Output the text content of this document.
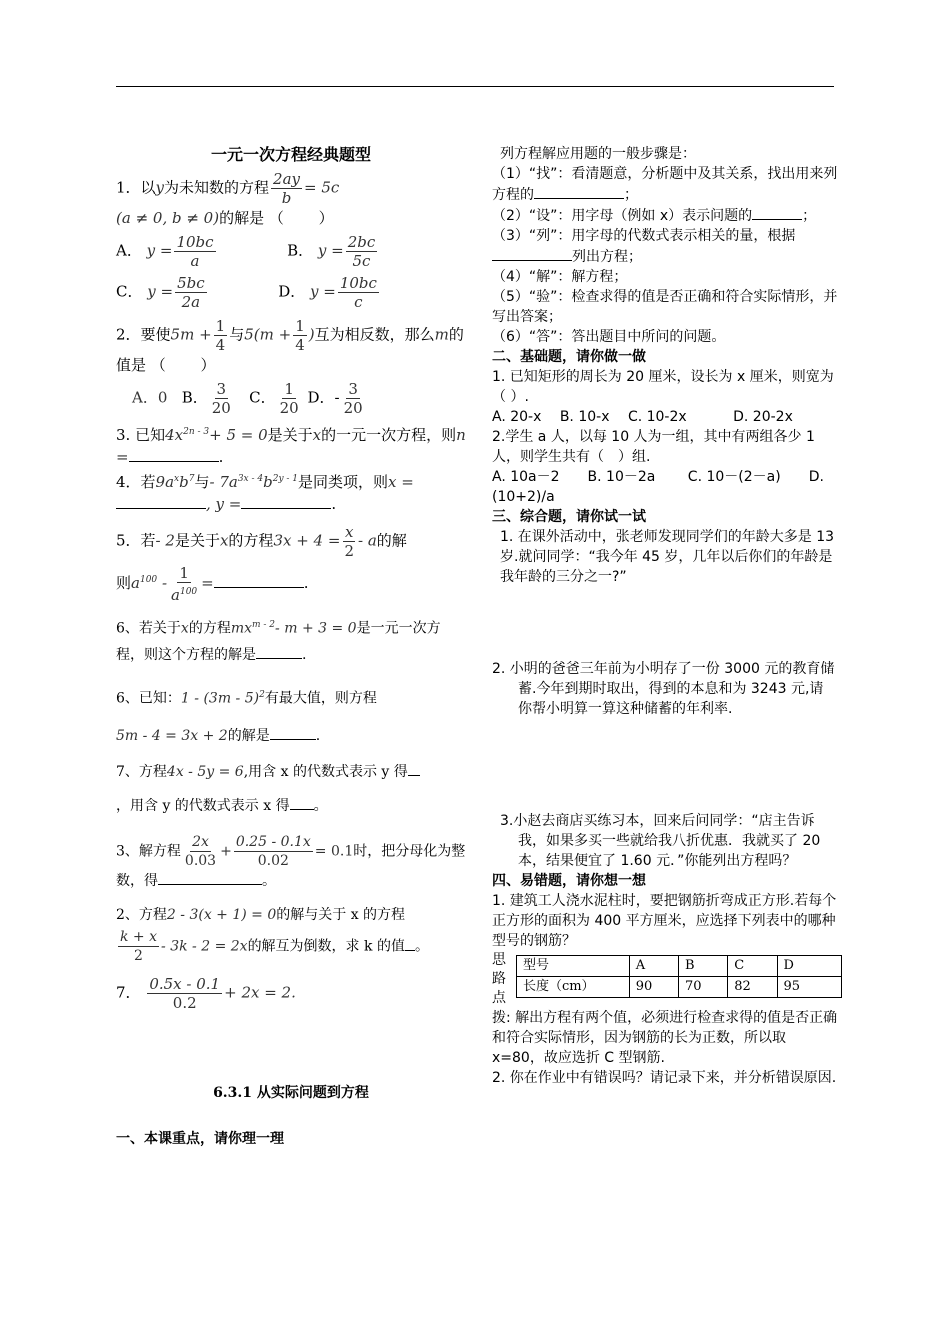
一元一次方程经典题型

1．以y为未知数的方程 $\frac{2ay}{b} = 5c$

(a ≠ 0, b ≠ 0)的解是 （　　 ）

A． $y = \frac{10bc}{a}$	B． $y = \frac{2bc}{5c}$

C． $y = \frac{5bc}{2a}$	D． $y = \frac{10bc}{c}$

2．要使$5m + \frac{1}{4}$ 与$5(m + \frac{1}{4}$ )互为相反数，那么m的值是 （　　 ）

A．0 B． $\frac{3}{20}$ C． $\frac{1}{20}$ D．- $\frac{3}{20}$

3. 已知$4x^{2n - 3}+ 5 = 0$是关于x的一元一次方程，则n =	.

4．若$9a^xb^7$与- $7a^{3x - 4}b^{2y - 1}$是同类项，则x =, y =	.

5．若- 2是关于x的方程$3x + 4 = \frac{x}{2} - a$的解

则$a^{100} - \frac{1}{a^{100}}$ =	.

6、若关于x的方程$mx^{m - 2}-$ m + 3 = 0是一元一次方程，则这个方程的解是	.

6、已知：1 - (3m - 5)$^2$有最大值，则方程
5m - 4 = 3x + 2的解是	.

7、方程4x - 5y = 6,用含 x 的代数式表示 y 得
，用含 y 的代数式表示 x 得 。

3、解方程 $\frac{2x}{0.03} + \frac{0.25 - 0.1x}{0.02} = 0.1$时，把分母化为整数，得	。

2、方程2 - 3(x + 1) = 0的解与关于 x 的方程

$\frac{k + x}{2} - 3k - 2 = 2x$的解互为倒数，求 k 的值 。

7． $\frac{0.5x - 0.1}{0.2} + 2x = 2$.

6.3.1 从实际问题到方程

一、本课重点，请你理一理

列方程解应用题的一般步骤是：

（1）“找”：看清题意，分析题中及其关系，找出用来列方程的	；

（2）“设”：用字母（例如 x）表示问题的	；

（3）“列”：用字母的代数式表示相关的量，根据列出方程；

（4）“解”：解方程；

（5）“验”：检查求得的值是否正确和符合实际情形，并写出答案；

（6）“答”：答出题目中所问的问题。

二、基础题，请你做一做

1. 已知矩形的周长为 20 厘米，设长为 x 厘米，则宽为（ ）.

A. 20-x　 B. 10-x　 C. 10-2x　　　 D. 20-2x

2.学生 a 人，以每 10 人为一组，其中有两组各少 1 人，则学生共有（　）组.

A. 10a－2　　B. 10－2a　　 C. 10－(2－a)　　D.(10+2)/a

三、综合题，请你试一试

1. 在课外活动中，张老师发现同学们的年龄大多是 13 岁.就问同学：“我今年 45 岁，几年以后你们的年龄是我年龄的三分之一?”

2. 小明的爸爸三年前为小明存了一份 3000 元的教育储蓄.今年到期时取出，得到的本息和为 3243 元,请你帮小明算一算这种储蓄的年利率.

3.小赵去商店买练习本，回来后问同学：“店主告诉我，如果多买一些就给我八折优惠．我就买了 20 本，结果便宜了 1.60 元．”你能列出方程吗？

四、易错题，请你想一想

1. 建筑工人浇水泥柱时，要把钢筋折弯成正方形.若每个正方形的面积为 400 平方厘米，应选择下列表中的哪种型号的钢筋？

思
路
点
型号	A	B	C	D
长度（cm）	90	70	82	95

拨: 解出方程有两个值，必须进行检查求得的值是否正确和符合实际情形，因为钢筋的长为正数，所以取 x=80，故应选折 C 型钢筋.

2. 你在作业中有错误吗？请记录下来，并分析错误原因.
